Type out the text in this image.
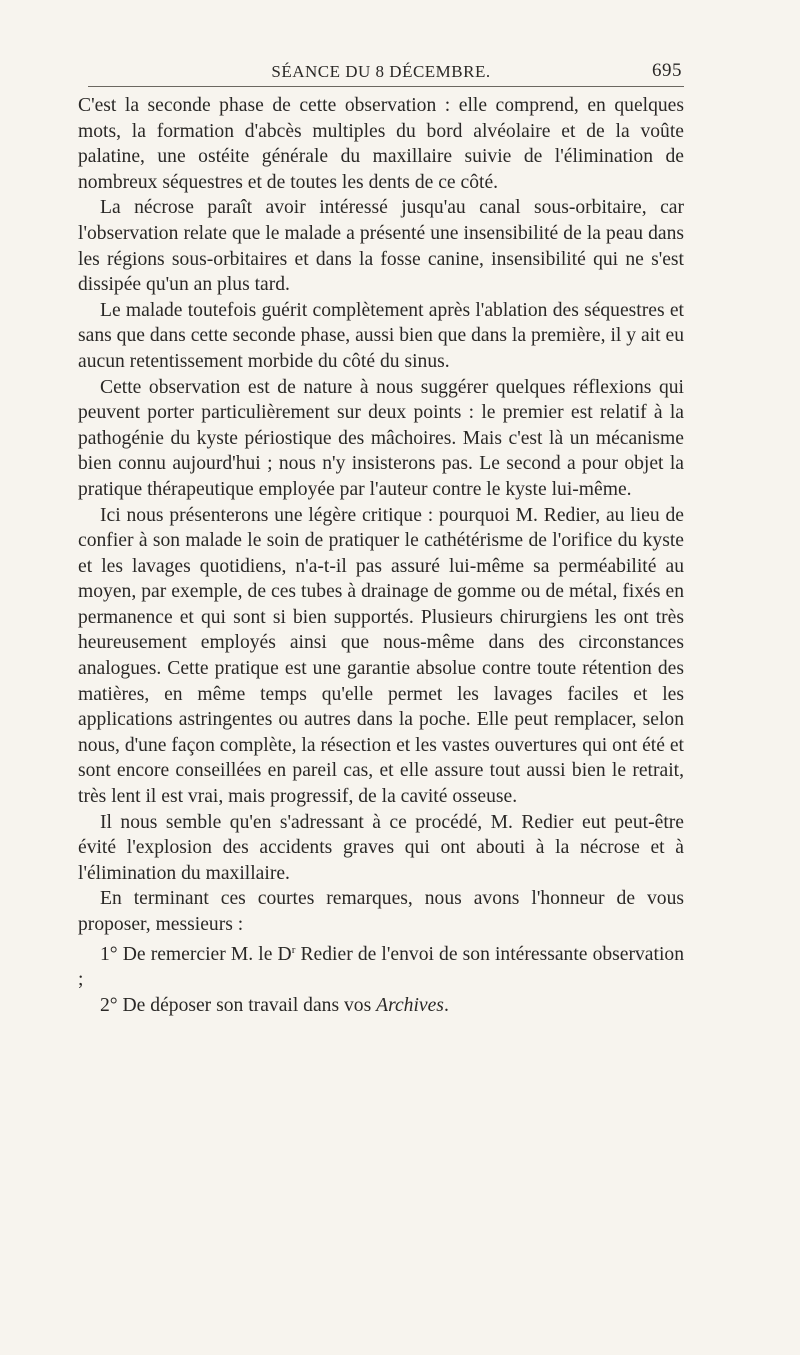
SÉANCE DU 8 DÉCEMBRE.	695

C'est la seconde phase de cette observation : elle comprend, en quelques mots, la formation d'abcès multiples du bord alvéolaire et de la voûte palatine, une ostéite générale du maxillaire suivie de l'élimination de nombreux séquestres et de toutes les dents de ce côté.

La nécrose paraît avoir intéressé jusqu'au canal sous-orbitaire, car l'observation relate que le malade a présenté une insensibilité de la peau dans les régions sous-orbitaires et dans la fosse canine, insensibilité qui ne s'est dissipée qu'un an plus tard.

Le malade toutefois guérit complètement après l'ablation des séquestres et sans que dans cette seconde phase, aussi bien que dans la première, il y ait eu aucun retentissement morbide du côté du sinus.

Cette observation est de nature à nous suggérer quelques réflexions qui peuvent porter particulièrement sur deux points : le premier est relatif à la pathogénie du kyste périostique des mâchoires. Mais c'est là un mécanisme bien connu aujourd'hui ; nous n'y insisterons pas. Le second a pour objet la pratique thérapeutique employée par l'auteur contre le kyste lui-même.

Ici nous présenterons une légère critique : pourquoi M. Redier, au lieu de confier à son malade le soin de pratiquer le cathétérisme de l'orifice du kyste et les lavages quotidiens, n'a-t-il pas assuré lui-même sa perméabilité au moyen, par exemple, de ces tubes à drainage de gomme ou de métal, fixés en permanence et qui sont si bien supportés. Plusieurs chirurgiens les ont très heureusement employés ainsi que nous-même dans des circonstances analogues. Cette pratique est une garantie absolue contre toute rétention des matières, en même temps qu'elle permet les lavages faciles et les applications astringentes ou autres dans la poche. Elle peut remplacer, selon nous, d'une façon complète, la résection et les vastes ouvertures qui ont été et sont encore conseillées en pareil cas, et elle assure tout aussi bien le retrait, très lent il est vrai, mais progressif, de la cavité osseuse.

Il nous semble qu'en s'adressant à ce procédé, M. Redier eut peut-être évité l'explosion des accidents graves qui ont abouti à la nécrose et à l'élimination du maxillaire.

En terminant ces courtes remarques, nous avons l'honneur de vous proposer, messieurs :

1° De remercier M. le $D^r$ Redier de l'envoi de son intéressante observation ;

2° De déposer son travail dans vos Archives.
